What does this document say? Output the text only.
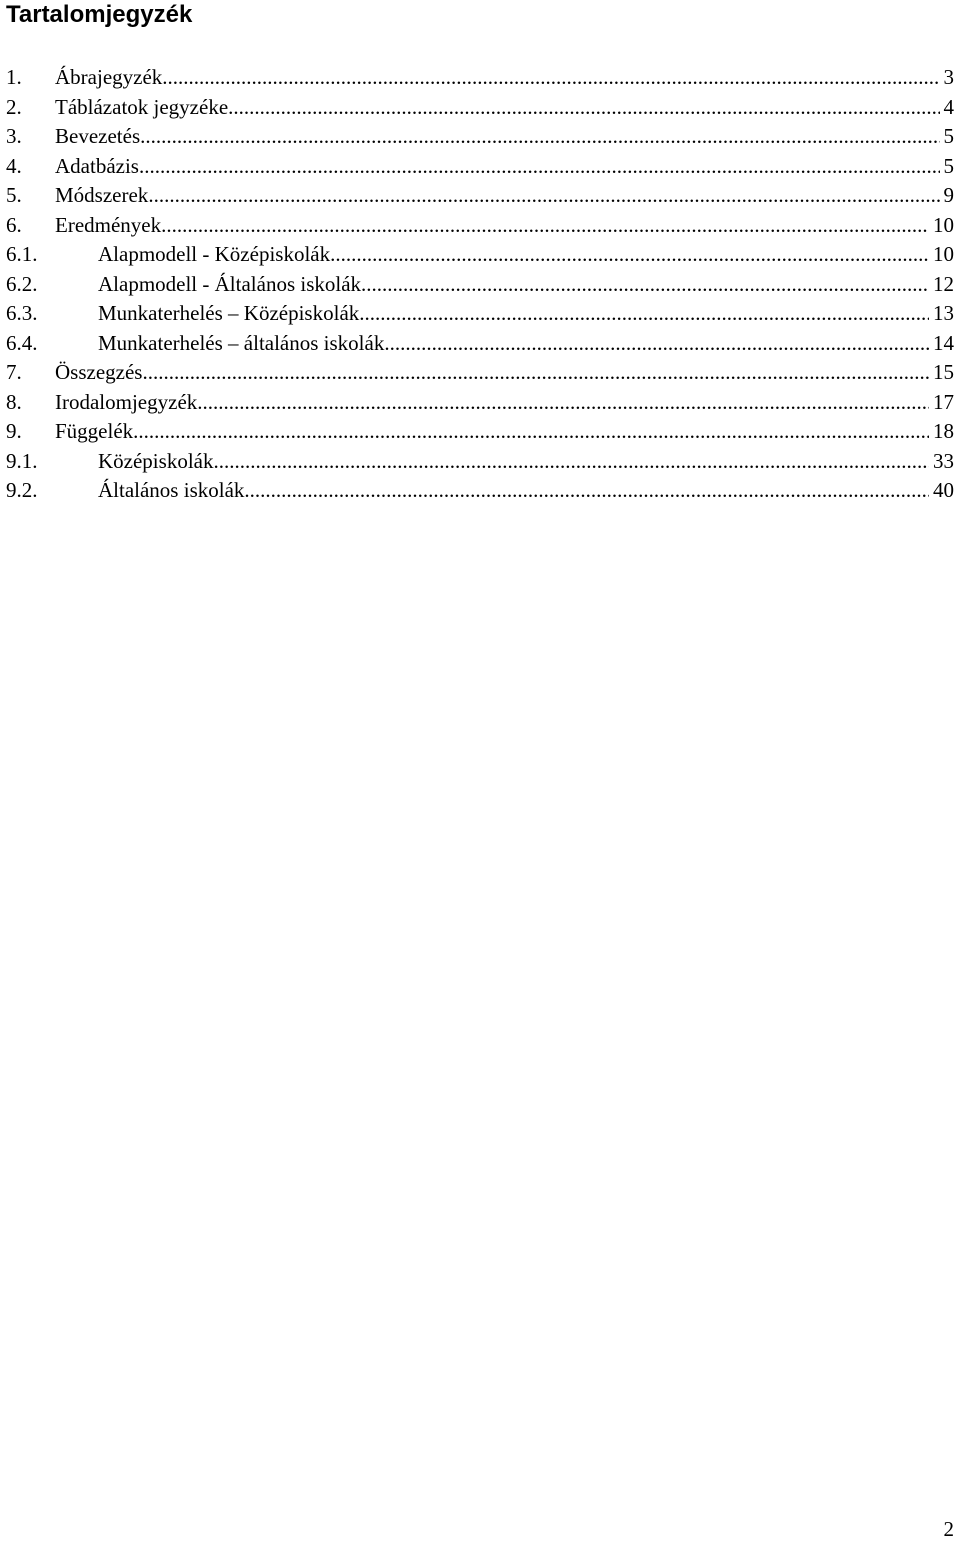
Tartalomjegyzék
1. Ábrajegyzék .....	3
2. Táblázatok jegyzéke .....	4
3. Bevezetés .....	5
4. Adatbázis .....	5
5. Módszerek .....	9
6. Eredmények .....	10
6.1.	Alapmodell - Középiskolák .....	10
6.2.	Alapmodell - Általános iskolák .....	12
6.3.	Munkaterhelés – Középiskolák .....	13
6.4.	Munkaterhelés – általános iskolák .....	14
7. Összegzés .....	15
8. Irodalomjegyzék .....	17
9. Függelék .....	18
9.1.	Középiskolák .....	33
9.2.	Általános iskolák .....	40
2
